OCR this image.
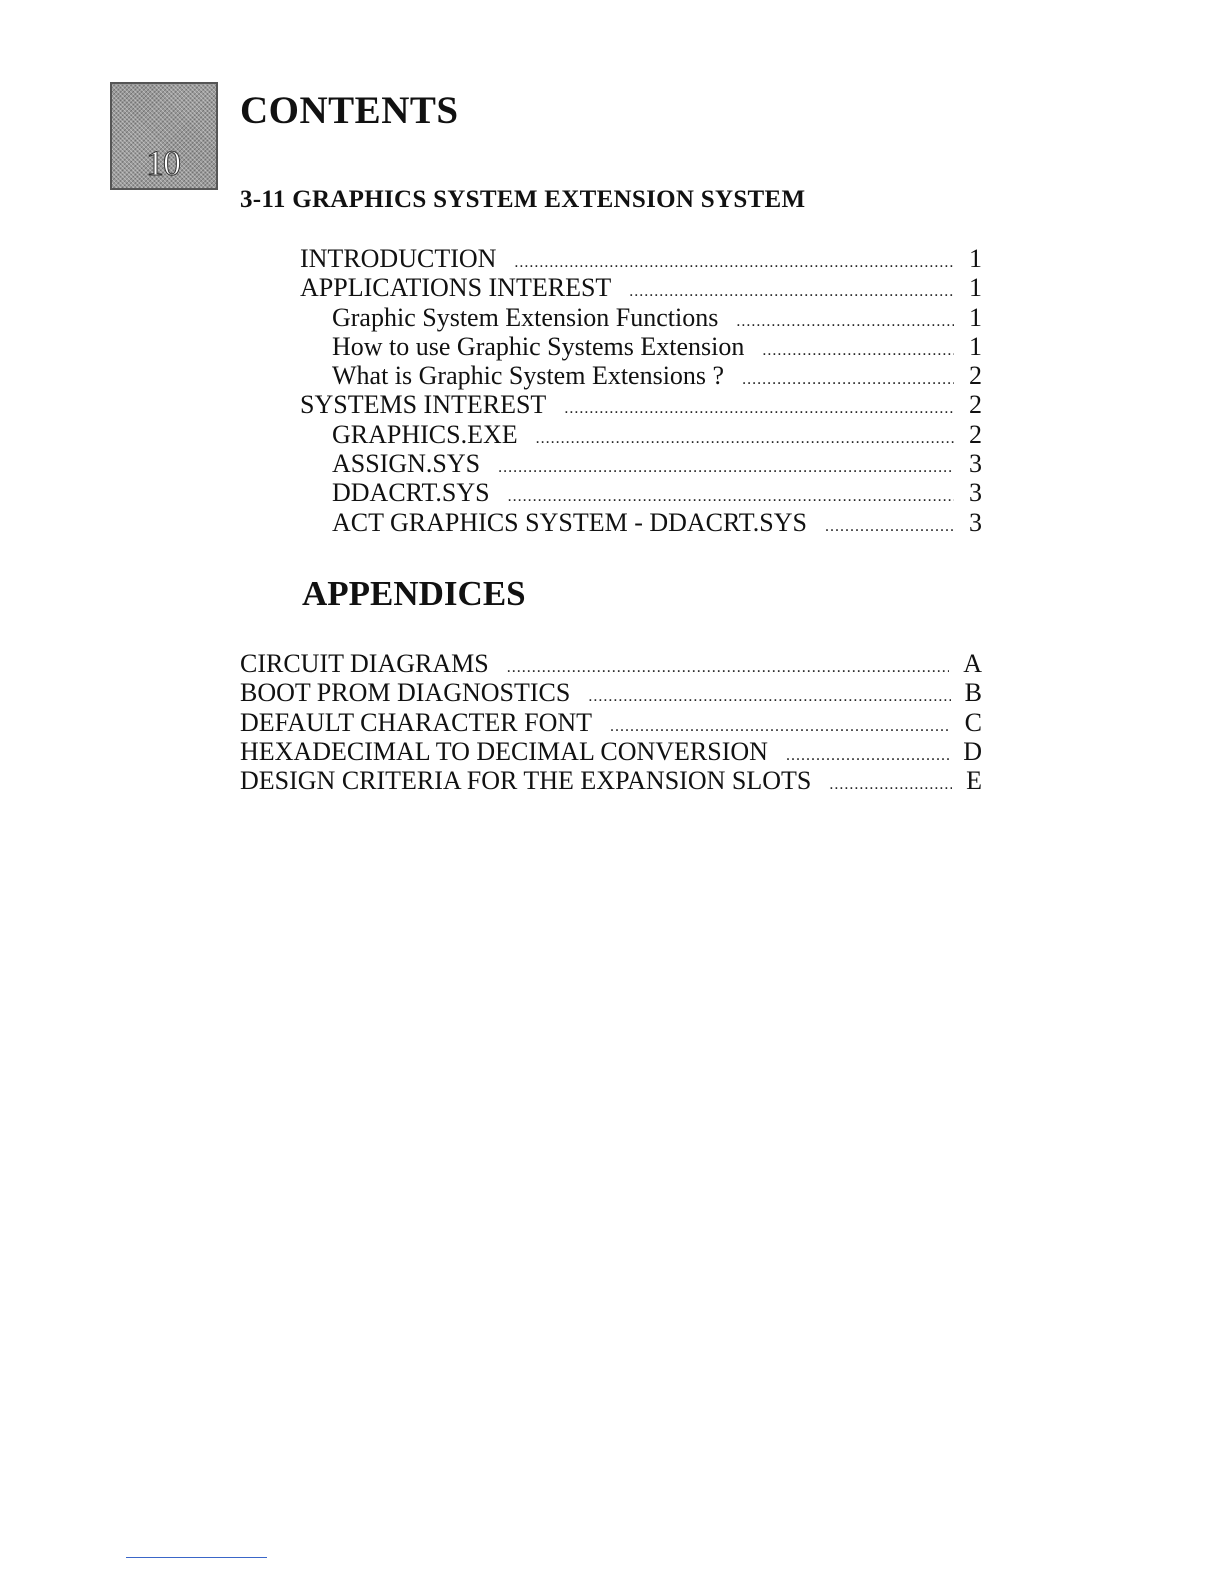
10
CONTENTS
3-11 GRAPHICS SYSTEM EXTENSION SYSTEM
INTRODUCTION .....	1
APPLICATIONS INTEREST .....	1
Graphic System Extension Functions .....	1
How to use Graphic Systems Extension .....	1
What is Graphic System Extensions ? .....	2
SYSTEMS INTEREST .....	2
GRAPHICS.EXE .....	2
ASSIGN.SYS .....	3
DDACRT.SYS .....	3
ACT GRAPHICS SYSTEM - DDACRT.SYS .....	3
APPENDICES
CIRCUIT DIAGRAMS .....	A
BOOT PROM DIAGNOSTICS .....	B
DEFAULT CHARACTER FONT .....	C
HEXADECIMAL TO DECIMAL CONVERSION .....	D
DESIGN CRITERIA FOR THE EXPANSION SLOTS .....	E
